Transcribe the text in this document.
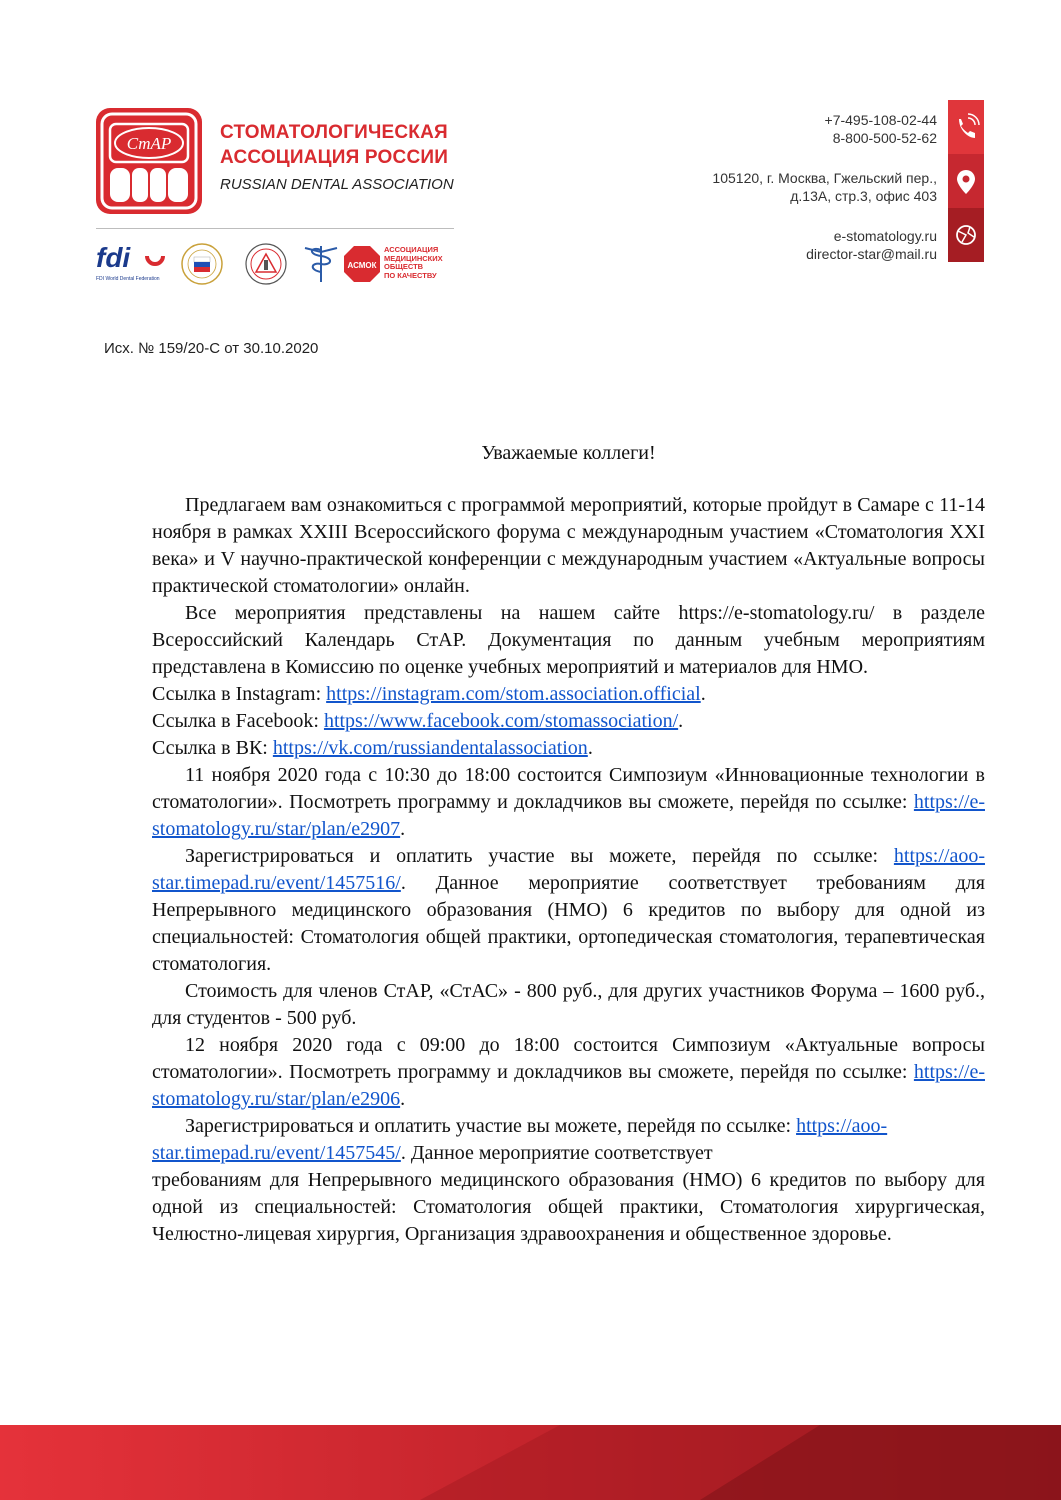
СтАР
СТОМАТОЛОГИЧЕСКАЯ
АССОЦИАЦИЯ РОССИИ
RUSSIAN DENTAL ASSOCIATION
fdi
FDI World Dental Federation
АСМОК
АССОЦИАЦИЯ
МЕДИЦИНСКИХ
ОБЩЕСТВ
ПО КАЧЕСТВУ
+7-495-108-02-44
8-800-500-52-62
105120, г. Москва, Гжельский пер.,
д.13А, стр.3, офис 403
e-stomatology.ru
director-star@mail.ru
Исх. № 159/20-С от 30.10.2020
Уважаемые коллеги!

Предлагаем вам ознакомиться с программой мероприятий, которые пройдут в Самаре с 11-14 ноября в рамках XXIII Всероссийского форума с международным участием «Стоматология XXI века» и V научно-практической конференции с международным участием «Актуальные вопросы практической стоматологии» онлайн.

Все мероприятия представлены на нашем сайте https://e-stomatology.ru/ в разделе Всероссийский Календарь СтАР. Документация по данным учебным мероприятиям представлена в Комиссию по оценке учебных мероприятий и материалов для НМО.

Ссылка в Instagram: https://instagram.com/stom.association.official.

Ссылка в Facebook: https://www.facebook.com/stomassociation/.

Ссылка в ВК: https://vk.com/russiandentalassociation.

11 ноября 2020 года с 10:30 до 18:00 состоится Симпозиум «Инновационные технологии в стоматологии». Посмотреть программу и докладчиков вы сможете, перейдя по ссылке: https://e-stomatology.ru/star/plan/e2907.

Зарегистрироваться и оплатить участие вы можете, перейдя по ссылке: https://aoo-star.timepad.ru/event/1457516/. Данное мероприятие соответствует требованиям для Непрерывного медицинского образования (НМО) 6 кредитов по выбору для одной из специальностей: Стоматология общей практики, ортопедическая стоматология, терапевтическая стоматология.

Стоимость для членов СтАР, «СтАС» - 800 руб., для других участников Форума – 1600 руб., для студентов - 500 руб.

12 ноября 2020 года с 09:00 до 18:00 состоится Симпозиум «Актуальные вопросы стоматологии». Посмотреть программу и докладчиков вы сможете, перейдя по ссылке: https://e-stomatology.ru/star/plan/e2906.

Зарегистрироваться и оплатить участие вы можете, перейдя по ссылке: https://aoo-star.timepad.ru/event/1457545/. Данное мероприятие соответствует

требованиям для Непрерывного медицинского образования (НМО) 6 кредитов по выбору для одной из специальностей: Стоматология общей практики, Стоматология хирургическая, Челюстно-лицевая хирургия, Организация здравоохранения и общественное здоровье.
